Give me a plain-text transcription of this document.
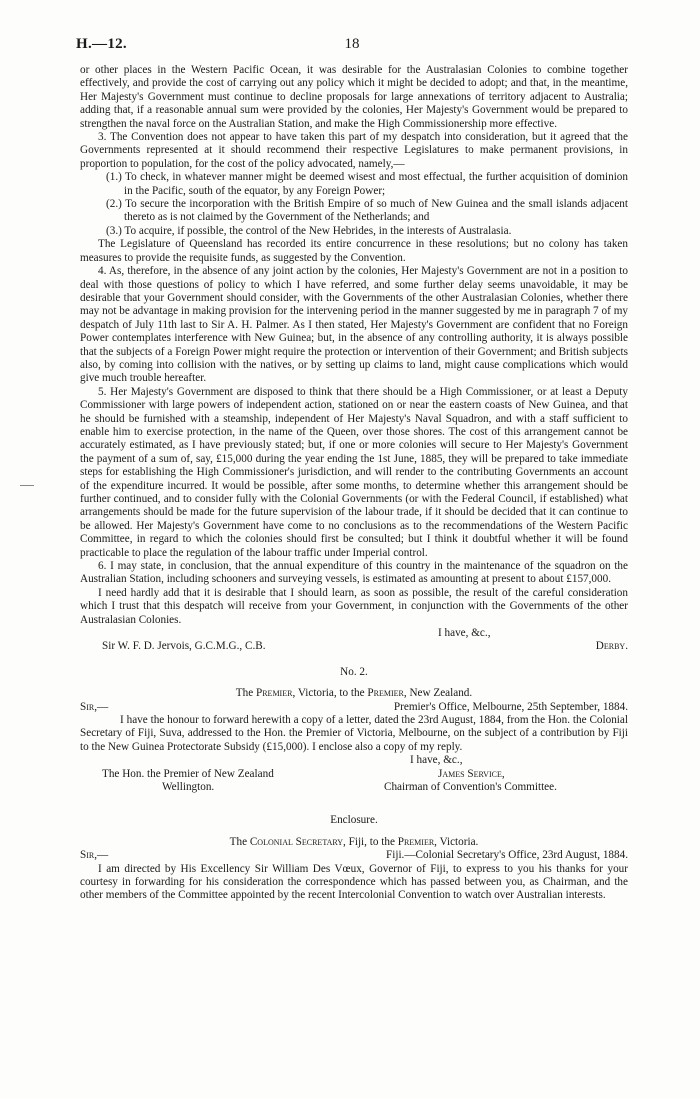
H.—12.	18

or other places in the Western Pacific Ocean, it was desirable for the Australasian Colonies to combine together effectively, and provide the cost of carrying out any policy which it might be decided to adopt; and that, in the meantime, Her Majesty's Government must continue to decline proposals for large annexations of territory adjacent to Australia; adding that, if a reasonable annual sum were provided by the colonies, Her Majesty's Government would be prepared to strengthen the naval force on the Australian Station, and make the High Commissionership more effective.

3. The Convention does not appear to have taken this part of my despatch into consideration, but it agreed that the Governments represented at it should recommend their respective Legislatures to make permanent provisions, in proportion to population, for the cost of the policy advocated, namely,—

(1.) To check, in whatever manner might be deemed wisest and most effectual, the further acquisition of dominion in the Pacific, south of the equator, by any Foreign Power;

(2.) To secure the incorporation with the British Empire of so much of New Guinea and the small islands adjacent thereto as is not claimed by the Government of the Netherlands; and

(3.) To acquire, if possible, the control of the New Hebrides, in the interests of Australasia.

The Legislature of Queensland has recorded its entire concurrence in these resolutions; but no colony has taken measures to provide the requisite funds, as suggested by the Convention.

4. As, therefore, in the absence of any joint action by the colonies, Her Majesty's Government are not in a position to deal with those questions of policy to which I have referred, and some further delay seems unavoidable, it may be desirable that your Government should consider, with the Governments of the other Australasian Colonies, whether there may not be advantage in making provision for the intervening period in the manner suggested by me in paragraph 7 of my despatch of July 11th last to Sir A. H. Palmer. As I then stated, Her Majesty's Government are confident that no Foreign Power contemplates interference with New Guinea; but, in the absence of any controlling authority, it is always possible that the subjects of a Foreign Power might require the protection or intervention of their Government; and British subjects also, by coming into collision with the natives, or by setting up claims to land, might cause complications which would give much trouble hereafter.

5. Her Majesty's Government are disposed to think that there should be a High Commissioner, or at least a Deputy Commissioner with large powers of independent action, stationed on or near the eastern coasts of New Guinea, and that he should be furnished with a steamship, independent of Her Majesty's Naval Squadron, and with a staff sufficient to enable him to exercise protection, in the name of the Queen, over those shores. The cost of this arrangement cannot be accurately estimated, as I have previously stated; but, if one or more colonies will secure to Her Majesty's Government the payment of a sum of, say, £15,000 during the year ending the 1st June, 1885, they will be prepared to take immediate steps for establishing the High Commissioner's jurisdiction, and will render to the contributing Governments an account of the expenditure incurred. It would be possible, after some months, to determine whether this arrangement should be further continued, and to consider fully with the Colonial Governments (or with the Federal Council, if established) what arrangements should be made for the future supervision of the labour trade, if it should be decided that it can continue to be allowed. Her Majesty's Government have come to no conclusions as to the recommendations of the Western Pacific Committee, in regard to which the colonies should first be consulted; but I think it doubtful whether it will be found practicable to place the regulation of the labour traffic under Imperial control.

6. I may state, in conclusion, that the annual expenditure of this country in the maintenance of the squadron on the Australian Station, including schooners and surveying vessels, is estimated as amounting at present to about £157,000.

I need hardly add that it is desirable that I should learn, as soon as possible, the result of the careful consideration which I trust that this despatch will receive from your Government, in conjunction with the Governments of the other Australasian Colonies.

I have, &c.,
Sir W. F. D. Jervois, G.C.M.G., C.B.	Derby.

No. 2.

The Premier, Victoria, to the Premier, New Zealand.

Sir,—	Premier's Office, Melbourne, 25th September, 1884.

I have the honour to forward herewith a copy of a letter, dated the 23rd August, 1884, from the Hon. the Colonial Secretary of Fiji, Suva, addressed to the Hon. the Premier of Victoria, Melbourne, on the subject of a contribution by Fiji to the New Guinea Protectorate Subsidy (£15,000). I enclose also a copy of my reply.

I have, &c.,
The Hon. the Premier of New Zealand	James Service,
Wellington.	Chairman of Convention's Committee.

Enclosure.

The Colonial Secretary, Fiji, to the Premier, Victoria.

Sir,—	Fiji.—Colonial Secretary's Office, 23rd August, 1884.

I am directed by His Excellency Sir William Des Vœux, Governor of Fiji, to express to you his thanks for your courtesy in forwarding for his consideration the correspondence which has passed between you, as Chairman, and the other members of the Committee appointed by the recent Intercolonial Convention to watch over Australian interests.
